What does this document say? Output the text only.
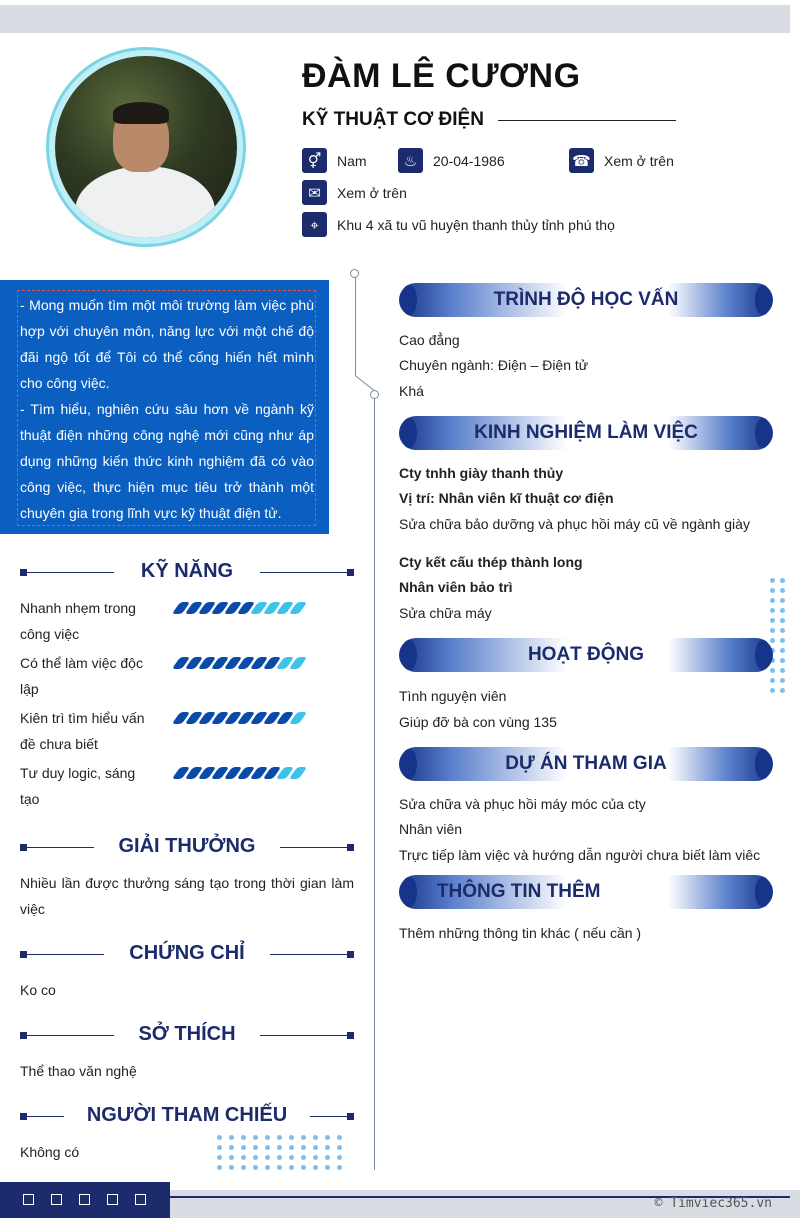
ĐÀM LÊ CƯƠNG
KỸ THUẬT CƠ ĐIỆN
⚥	Nam	♨	20-04-1986	☎ Xem ở trên
✉	Xem ở trên
⌖	Khu 4 xã tu vũ huyện thanh thủy tỉnh phú thọ
- Mong muốn tìm một môi trường làm việc phù hợp với chuyên môn, năng lực với một chế độ đãi ngộ tốt để Tôi có thể cống hiến hết mình cho công việc.
- Tìm hiểu, nghiên cứu sâu hơn về ngành kỹ thuật điện những công nghệ mới cũng như áp dụng những kiến thức kinh nghiệm đã có vào công việc, thực hiện mục tiêu trở thành một chuyên gia trong lĩnh vực kỹ thuật điện tử.
KỸ NĂNG
Nhanh nhẹm trong công việc
Có thể làm việc độc lập
Kiên trì tìm hiểu vấn đề chưa biết
Tư duy logic, sáng tạo
GIẢI THƯỞNG
Nhiều lần được thưởng sáng tạo trong thời gian làm việc
CHỨNG CHỈ
Ko co
SỞ THÍCH
Thể thao văn nghệ
NGƯỜI THAM CHIẾU
Không có
TRÌNH ĐỘ HỌC VẤN
Cao đẳng
Chuyên ngành: Điện – Điện tử
Khá
KINH NGHIỆM LÀM VIỆC
Cty tnhh giày thanh thủy
Vị trí: Nhân viên kĩ thuật cơ điện
Sửa chữa bảo dưỡng và phục hồi máy cũ về ngành giày
Cty kết cấu thép thành long
Nhân viên bảo trì
Sửa chữa máy
HOẠT ĐỘNG
Tình nguyện viên
Giúp đỡ bà con vùng 135
DỰ ÁN THAM GIA
Sửa chữa và phục hồi máy móc của cty
Nhân viên
Trực tiếp làm việc và hướng dẫn người chưa biết làm viêc
THÔNG TIN THÊM
Thêm những thông tin khác ( nếu cần )
© Timviec365.vn
